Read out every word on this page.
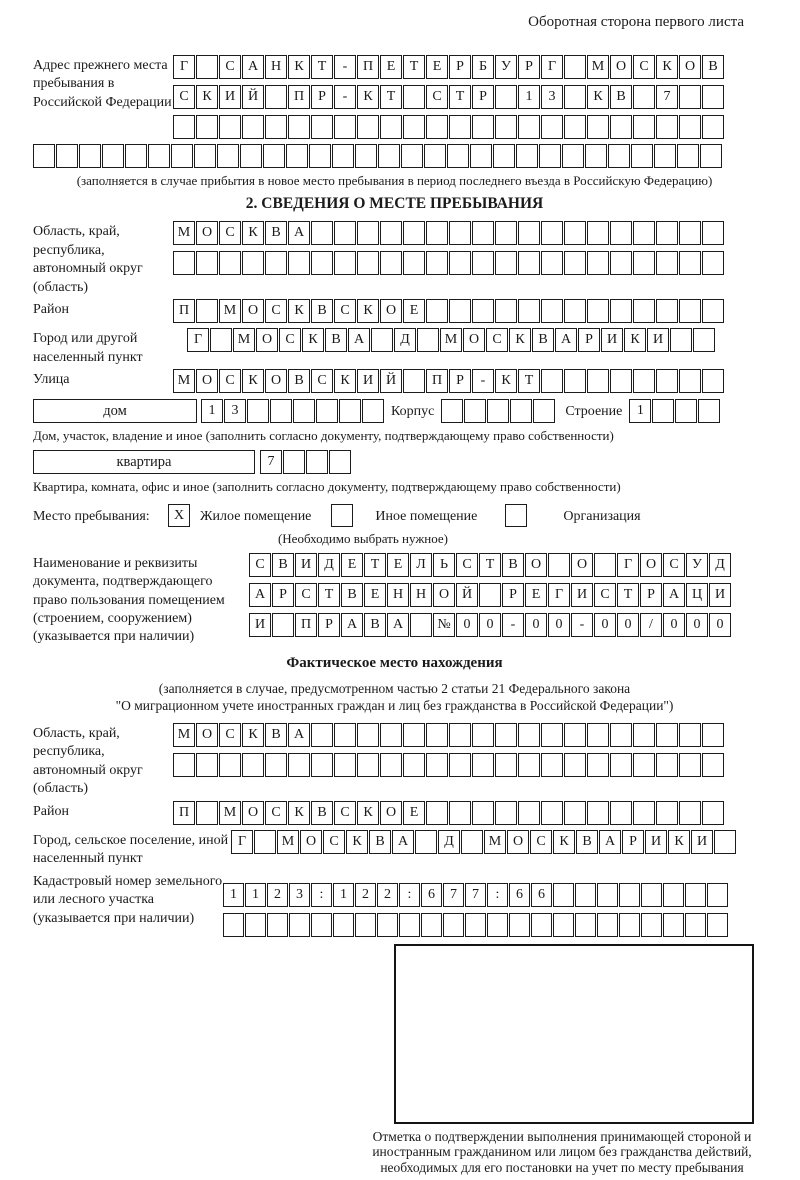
Оборотная сторона первого листа
Адрес прежнего места пребывания в Российской Федерации
Г	С А Н К Т - П Е Т Е Р Б У Р Г	М О С К О В
С К И Й	П Р - К Т	С Т Р	1 3	К В	7
(заполняется в случае прибытия в новое место пребывания в период последнего въезда в Российскую Федерацию)
2. СВЕДЕНИЯ О МЕСТЕ ПРЕБЫВАНИЯ
Область, край, республика, автономный округ (область)
М О С К В А
Район	П М О С К В С К О Е
Город или другой населенный пункт
Г	М О С К В А	Д М О С К В А Р И К И
Улица	М О С К О В С К И Й	П Р - К Т
дом	1 3	Корпус	Строение	1
Дом, участок, владение и иное (заполнить согласно документу, подтверждающему право собственности)
квартира	7
Квартира, комната, офис и иное (заполнить согласно документу, подтверждающему право собственности)
Место пребывания:	X	Жилое помещение	Иное помещение	Организация
(Необходимо выбрать нужное)
Наименование и реквизиты документа, подтверждающего право пользования помещением (строением, сооружением) (указывается при наличии)
С В И Д Е Т Е Л Ь С Т В О	О	Г О С У Д
А Р С Т В Е Н Н О Й	Р Е Г И С Т Р А Ц И
И	П Р А В А № 0 0 - 0 0 - 0 0 / 0 0 0
Фактическое место нахождения
(заполняется в случае, предусмотренном частью 2 статьи 21 Федерального закона
"О миграционном учете иностранных граждан и лиц без гражданства в Российской Федерации")
Область, край, республика, автономный округ (область)
М О С К В А
Район	П М О С К В С К О Е
Город, сельское поселение, иной населенный пункт
Г	М О С К В А	Д М О С К В А Р И К И
Кадастровый номер земельного или лесного участка (указывается при наличии)
1 1 2 3 : 1 2 2 : 6 7 7 : 6 6
Отметка о подтверждении выполнения принимающей стороной и иностранным гражданином или лицом без гражданства действий, необходимых для его постановки на учет по месту пребывания
